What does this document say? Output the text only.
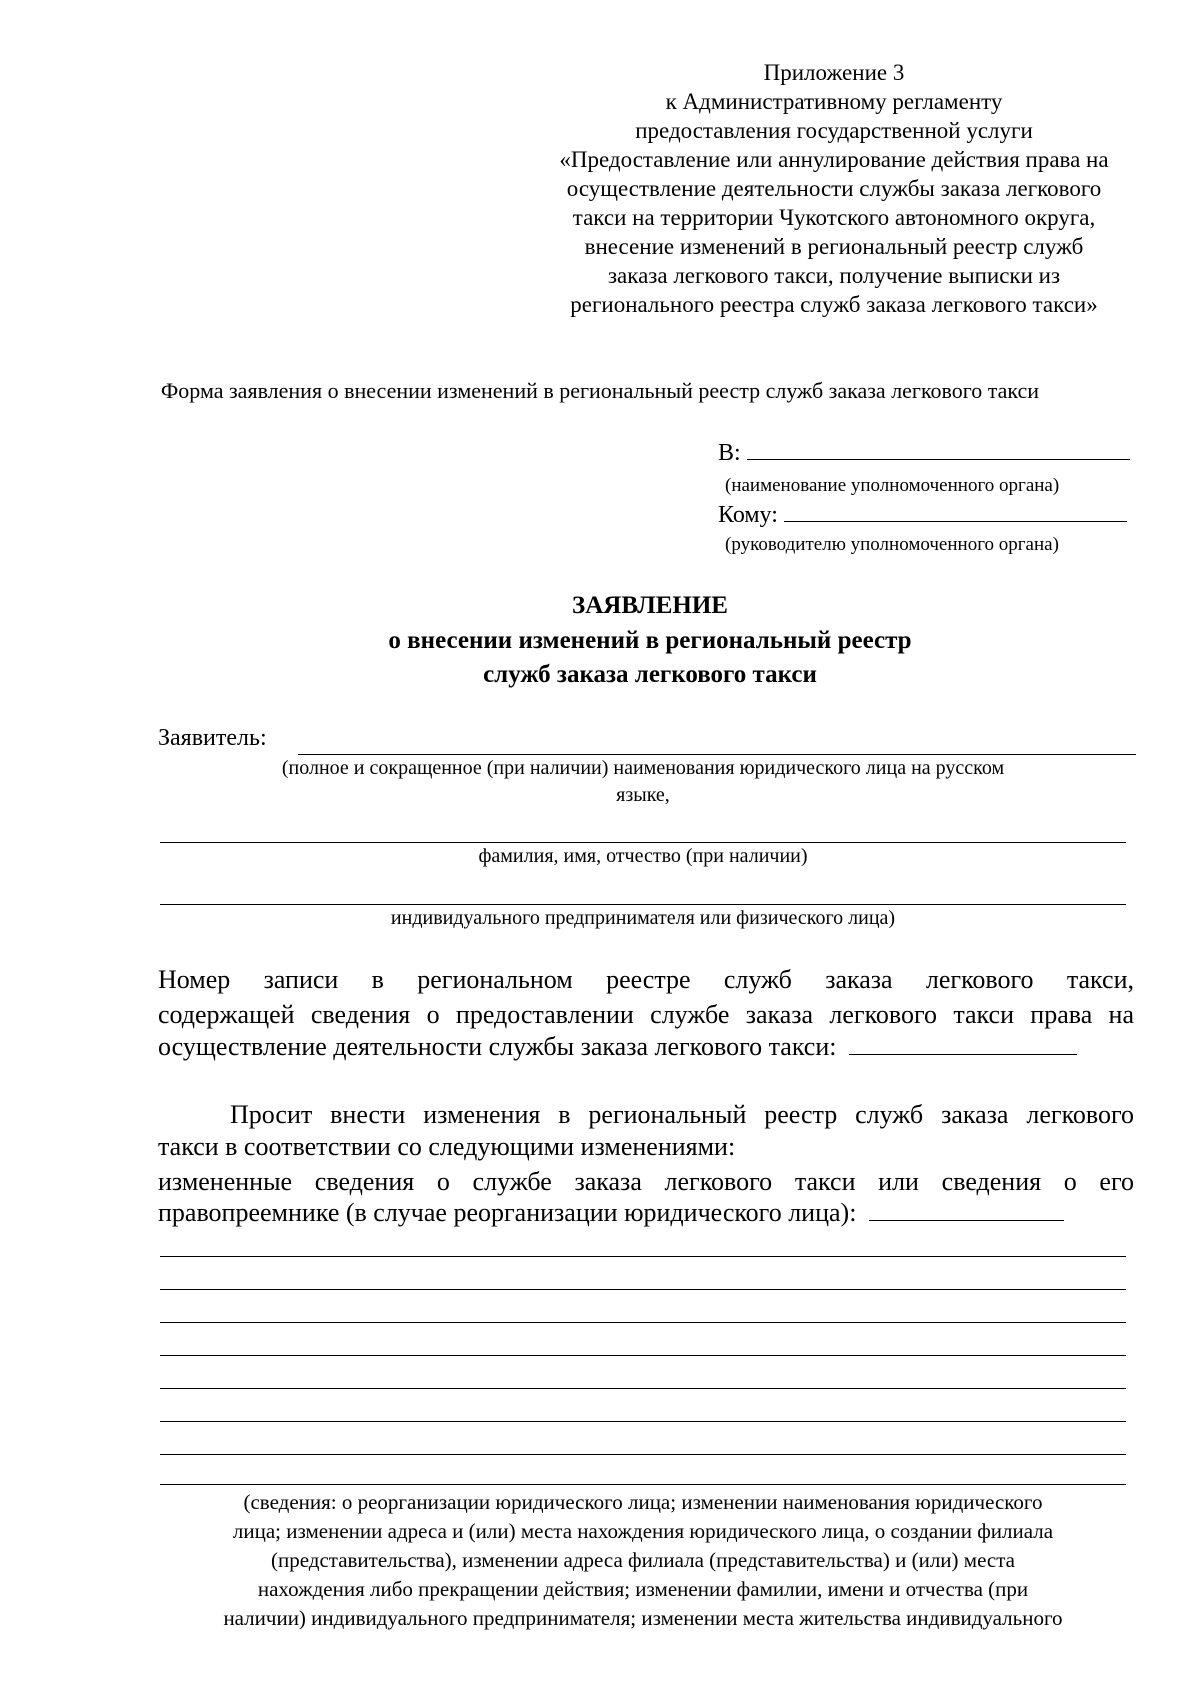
Приложение 3
к Административному регламенту
предоставления государственной услуги
«Предоставление или аннулирование действия права на
осуществление деятельности службы заказа легкового
такси на территории Чукотского автономного округа,
внесение изменений в региональный реестр служб
заказа легкового такси, получение выписки из
регионального реестра служб заказа легкового такси»
Форма заявления о внесении изменений в региональный реестр служб заказа легкового такси
В:
(наименование уполномоченного органа)
Кому:
(руководителю уполномоченного органа)
ЗАЯВЛЕНИЕ
о внесении изменений в региональный реестр
служб заказа легкового такси
Заявитель:
(полное и сокращенное (при наличии) наименования юридического лица на русском
языке,
фамилия, имя, отчество (при наличии)
индивидуального предпринимателя или физического лица)
Номер записи в региональном реестре служб заказа легкового такси,
содержащей сведения о предоставлении службе заказа легкового такси права на
осуществление деятельности службы заказа легкового такси:
Просит внести изменения в региональный реестр служб заказа легкового
такси в соответствии со следующими изменениями:
измененные сведения о службе заказа легкового такси или сведения о его
правопреемнике (в случае реорганизации юридического лица):
(сведения: о реорганизации юридического лица; изменении наименования юридического
лица; изменении адреса и (или) места нахождения юридического лица, о создании филиала
(представительства), изменении адреса филиала (представительства) и (или) места
нахождения либо прекращении действия; изменении фамилии, имени и отчества (при
наличии) индивидуального предпринимателя; изменении места жительства индивидуального
